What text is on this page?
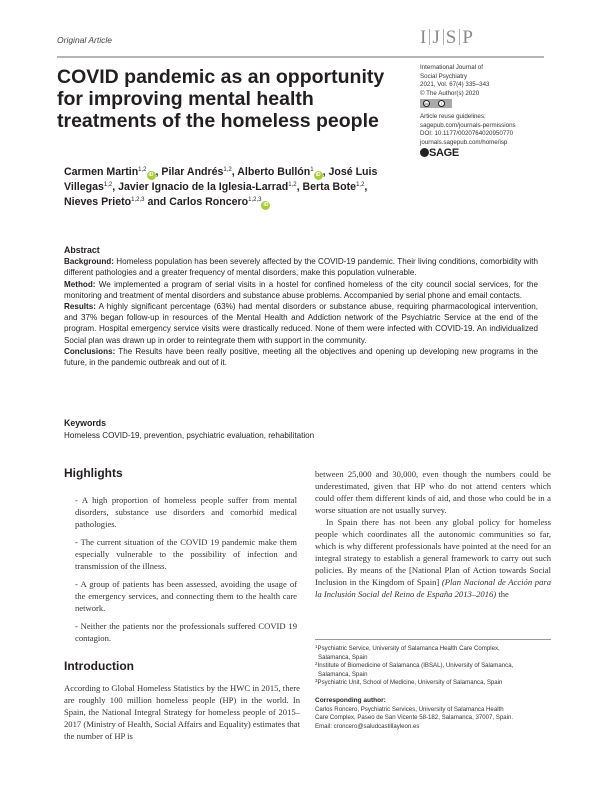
Original Article	I J S P
COVID pandemic as an opportunity for improving mental health treatments of the homeless people
International Journal of
Social Psychiatry
2021, Vol. 67(4) 335–343
© The Author(s) 2020
cc	i
Article reuse guidelines:
sagepub.com/journals-permissions
DOI: 10.1177/0020764020950770
journals.sagepub.com/home/isp
SAGE
Carmen Martin$^{1,2}$iD , Pilar Andrés$^{1,2}$, Alberto Bullón$^1$iD , José Luis Villegas$^{1,2}$, Javier Ignacio de la Iglesia-Larrad$^{1,2}$, Berta Bote$^{1,2}$, Nieves Prieto$^{1,2,3}$ and Carlos Roncero$^{1,2,3}$iD
Abstract

Background: Homeless population has been severely affected by the COVID-19 pandemic. Their living conditions, comorbidity with different pathologies and a greater frequency of mental disorders, make this population vulnerable.

Method: We implemented a program of serial visits in a hostel for confined homeless of the city council social services, for the monitoring and treatment of mental disorders and substance abuse problems. Accompanied by serial phone and email contacts.

Results: A highly significant percentage (63%) had mental disorders or substance abuse, requiring pharmacological intervention, and 37% began follow-up in resources of the Mental Health and Addiction network of the Psychiatric Service at the end of the program. Hospital emergency service visits were drastically reduced. None of them were infected with COVID-19. An individualized Social plan was drawn up in order to reintegrate them with support in the community.

Conclusions: The Results have been really positive, meeting all the objectives and opening up developing new programs in the future, in the pandemic outbreak and out of it.

Keywords

Homeless COVID-19, prevention, psychiatric evaluation, rehabilitation

Highlights

- A high proportion of homeless people suffer from mental disorders, substance use disorders and comorbid medical pathologies.

- The current situation of the COVID 19 pandemic make them especially vulnerable to the possibility of infection and transmission of the illness.

- A group of patients has been assessed, avoiding the usage of the emergency services, and connecting them to the health care network.

- Neither the patients nor the professionals suffered COVID 19 contagion.

Introduction

According to Global Homeless Statistics by the HWC in 2015, there are roughly 100 million homeless people (HP) in the world. In Spain, the National Integral Strategy for homeless people of 2015–2017 (Ministry of Health, Social Affairs and Equality) estimates that the number of HP is

between 25,000 and 30,000, even though the numbers could be underestimated, given that HP who do not attend centers which could offer them different kinds of aid, and those who could be in a worse situation are not usually survey.

In Spain there has not been any global policy for homeless people which coordinates all the autonomic communities so far, which is why different professionals have pointed at the need for an integral strategy to establish a general framework to carry out such policies. By means of the [National Plan of Action towards Social Inclusion in the Kingdom of Spain] (Plan Nacional de Acción para la Inclusión Social del Reino de España 2013–2016) the

$^1$Psychiatric Service, University of Salamanca Health Care Complex,

Salamanca, Spain

$^2$Institute of Biomedicine of Salamanca (IBSAL), University of Salamanca,

Salamanca, Spain

$^3$Psychiatric Unit, School of Medicine, University of Salamanca, Spain

Corresponding author:

Carlos Roncero, Psychiatric Services, University of Salamanca Health

Care Complex, Paseo de San Vicente 58-182, Salamanca, 37007, Spain.

Email: croncero@saludcastillayleon.es
